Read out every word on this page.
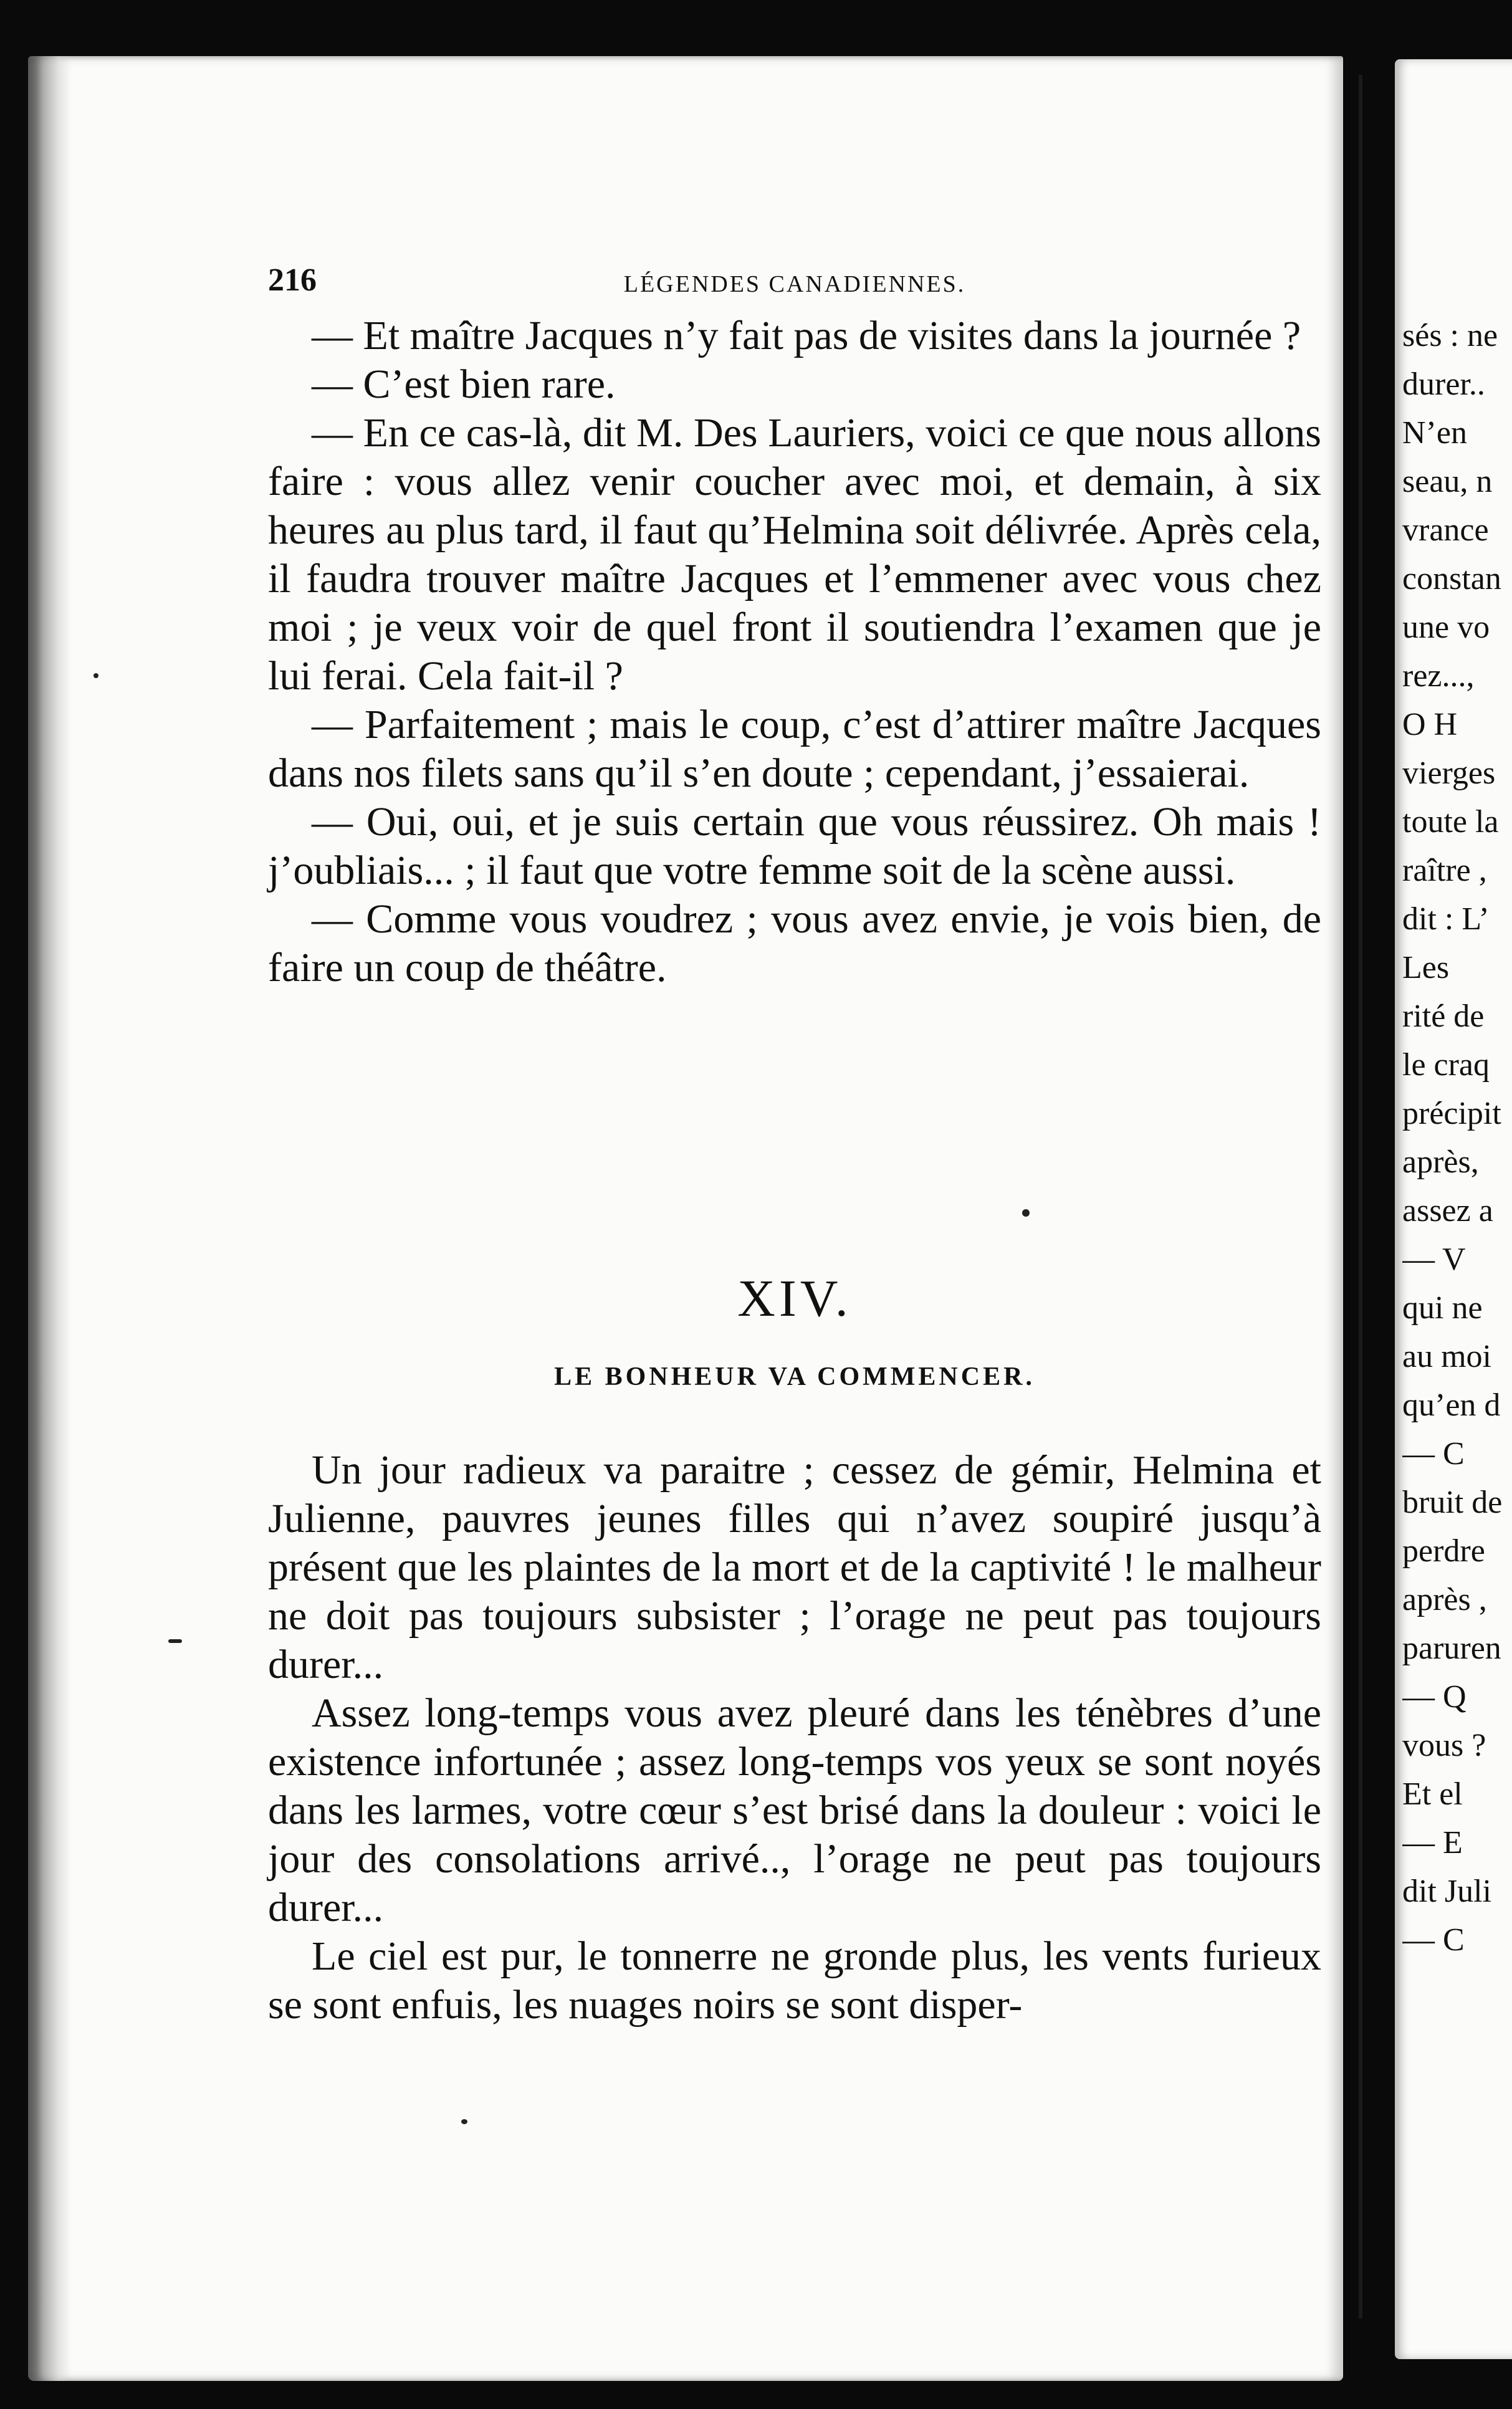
216	LÉGENDES CANADIENNES.

— Et maître Jacques n’y fait pas de visites dans la journée ?

— C’est bien rare.

— En ce cas-là, dit M. Des Lauriers, voici ce que nous allons faire : vous allez venir coucher avec moi, et demain, à six heures au plus tard, il faut qu’Helmina soit délivrée. Après cela, il faudra trouver maître Jacques et l’emmener avec vous chez moi ; je veux voir de quel front il soutiendra l’examen que je lui ferai. Cela fait-il ?

— Parfaitement ; mais le coup, c’est d’attirer maître Jacques dans nos filets sans qu’il s’en doute ; cependant, j’essaierai.

— Oui, oui, et je suis certain que vous réussirez. Oh mais ! j’oubliais... ; il faut que votre femme soit de la scène aussi.

— Comme vous voudrez ; vous avez envie, je vois bien, de faire un coup de théâtre.

XIV.
LE BONHEUR VA COMMENCER.

Un jour radieux va paraitre ; cessez de gémir, Helmina et Julienne, pauvres jeunes filles qui n’avez soupiré jusqu’à présent que les plaintes de la mort et de la captivité ! le malheur ne doit pas toujours subsister ; l’orage ne peut pas toujours durer...

Assez long-temps vous avez pleuré dans les ténèbres d’une existence infortunée ; assez long-temps vos yeux se sont noyés dans les larmes, votre cœur s’est brisé dans la douleur : voici le jour des consolations arrivé.., l’orage ne peut pas toujours durer...

Le ciel est pur, le tonnerre ne gronde plus, les vents furieux se sont enfuis, les nuages noirs se sont disper-

sés : ne
durer..
N’en
seau, n
vrance
constan
une vo
rez...,
O H
vierges
toute la
raître ,
dit : L’
Les
rité de
le craq
précipit
après,
assez a
— V
qui ne
au moi
qu’en d
— C
bruit de
perdre
après ,
paruren
— Q
vous ?
Et el
— E
dit Juli
— C
